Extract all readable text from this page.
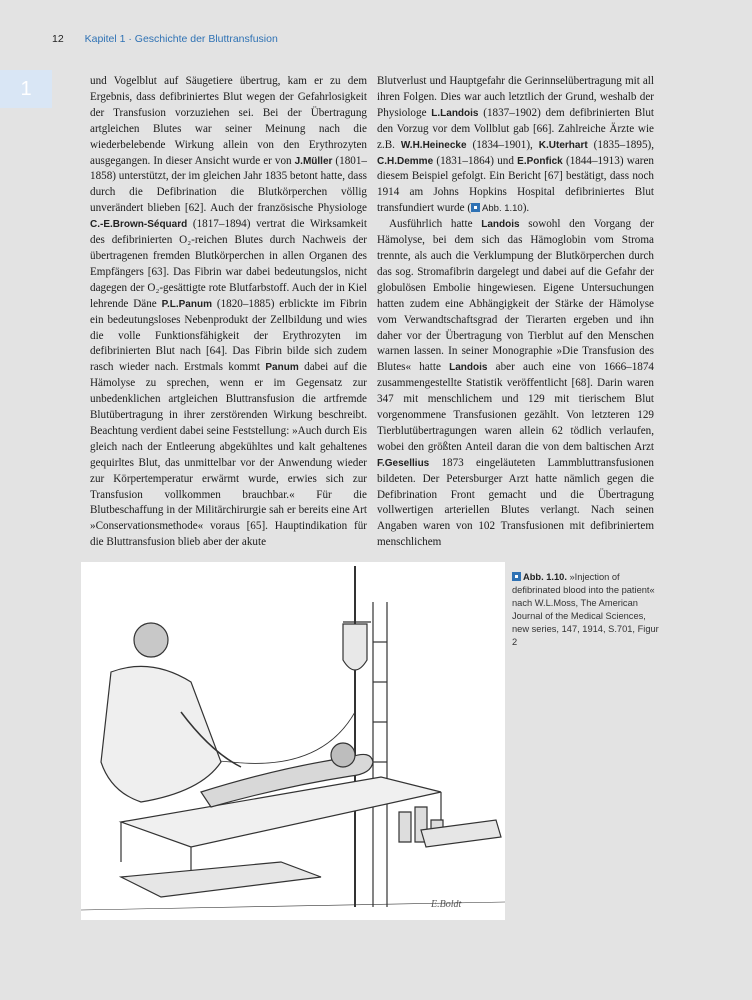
12 Kapitel 1 · Geschichte der Bluttransfusion
1	und Vogelblut auf Säugetiere übertrug, kam er zu dem Ergebnis, dass defibriniertes Blut wegen der Gefahrlosigkeit der Transfusion vorzuziehen sei. Bei der Übertragung artgleichen Blutes war seiner Meinung nach die wiederbelebende Wirkung allein von den Erythrozyten ausgegangen. In dieser Ansicht wurde er von J.Müller (1801–1858) unterstützt, der im gleichen Jahr 1835 betont hatte, dass durch die Defibrination die Blutkörperchen völlig unverändert blieben [62]. Auch der französische Physiologe C.-E.Brown-Séquard (1817–1894) vertrat die Wirksamkeit des defibrinierten O₂-reichen Blutes durch Nachweis der übertragenen fremden Blutkörperchen in allen Organen des Empfängers [63]. Das Fibrin war dabei bedeutungslos, nicht dagegen der O₂-gesättigte rote Blutfarbstoff. Auch der in Kiel lehrende Däne P.L.Panum (1820–1885) erblickte im Fibrin ein bedeutungsloses Nebenprodukt der Zellbildung und wies die volle Funktionsfähigkeit der Erythrozyten im defibrinierten Blut nach [64]. Das Fibrin bilde sich zudem rasch wieder nach. Erstmals kommt Panum dabei auf die Hämolyse zu sprechen, wenn er im Gegensatz zur unbedenklichen artgleichen Bluttransfusion die artfremde Blutübertragung in ihrer zerstörenden Wirkung beschreibt. Beachtung verdient dabei seine Feststellung: »Auch durch Eis gleich nach der Entleerung abgekühltes und kalt gehaltenes gequirltes Blut, das unmittelbar vor der Anwendung wieder zur Körpertemperatur erwärmt wurde, erwies sich zur Transfusion vollkommen brauchbar.« Für die Blutbeschaffung in der Militärchirurgie sah er bereits eine Art »Conservationsmethode« voraus [65]. Hauptindikation für die Bluttransfusion blieb aber der akute

Blutverlust und Hauptgefahr die Gerinnselübertragung mit all ihren Folgen. Dies war auch letztlich der Grund, weshalb der Physiologe L.Landois (1837–1902) dem defibrinierten Blut den Vorzug vor dem Vollblut gab [66]. Zahlreiche Ärzte wie z.B. W.H.Heinecke (1834–1901), K.Uterhart (1835–1895), C.H.Demme (1831–1864) und E.Ponfick (1844–1913) waren diesem Beispiel gefolgt. Ein Bericht [67] bestätigt, dass noch 1914 am Johns Hopkins Hospital defibriniertes Blut transfundiert wurde ( Abb. 1.10).

Ausführlich hatte Landois sowohl den Vorgang der Hämolyse, bei dem sich das Hämoglobin vom Stroma trennte, als auch die Verklumpung der Blutkörperchen durch das sog. Stromafibrin dargelegt und dabei auf die Gefahr der globulösen Embolie hingewiesen. Eigene Untersuchungen hatten zudem eine Abhängigkeit der Stärke der Hämolyse vom Verwandtschaftsgrad der Tierarten ergeben und ihn daher vor der Übertragung von Tierblut auf den Menschen warnen lassen. In seiner Monographie »Die Transfusion des Blutes« hatte Landois aber auch eine von 1666–1874 zusammengestellte Statistik veröffentlicht [68]. Darin waren 347 mit menschlichem und 129 mit tierischem Blut vorgenommene Transfusionen gezählt. Von letzteren 129 Tierblutübertragungen waren allein 62 tödlich verlaufen, wobei den größten Anteil daran die von dem baltischen Arzt F.Gesellius 1873 eingeläuteten Lammbluttransfusionen bildeten. Der Petersburger Arzt hatte nämlich gegen die Defibrination Front gemacht und die Übertragung vollwertigen arteriellen Blutes verlangt. Nach seinen Angaben waren von 102 Transfusionen mit defibriniertem menschlichem

E.Boldt
Abb. 1.10. »Injection of defibrinated blood into the patient« nach W.L.Moss, The American Journal of the Medical Sciences, new series, 147, 1914, S.701, Figur 2
